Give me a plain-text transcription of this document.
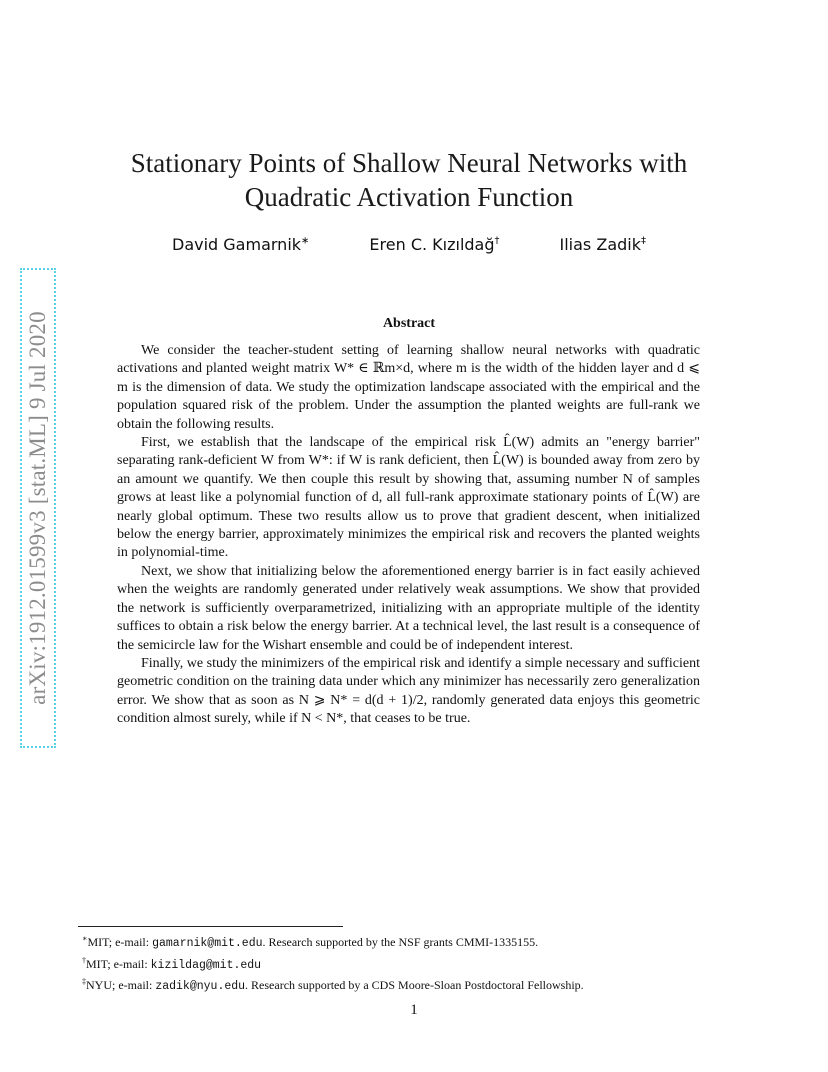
arXiv:1912.01599v3 [stat.ML] 9 Jul 2020
Stationary Points of Shallow Neural Networks with
Quadratic Activation Function
David Gamarnik∗	Eren C. Kızıldağ†	Ilias Zadik‡
Abstract

We consider the teacher-student setting of learning shallow neural networks with quadratic activations and planted weight matrix W* ∈ ℝm×d, where m is the width of the hidden layer and d ⩽ m is the dimension of data. We study the optimization landscape associated with the empirical and the population squared risk of the problem. Under the assumption the planted weights are full-rank we obtain the following results.

First, we establish that the landscape of the empirical risk L̂(W) admits an "energy barrier" separating rank-deficient W from W*: if W is rank deficient, then L̂(W) is bounded away from zero by an amount we quantify. We then couple this result by showing that, assuming number N of samples grows at least like a polynomial function of d, all full-rank approximate stationary points of L̂(W) are nearly global optimum. These two results allow us to prove that gradient descent, when initialized below the energy barrier, approximately minimizes the empirical risk and recovers the planted weights in polynomial-time.

Next, we show that initializing below the aforementioned energy barrier is in fact easily achieved when the weights are randomly generated under relatively weak assumptions. We show that provided the network is sufficiently overparametrized, initializing with an appropriate multiple of the identity suffices to obtain a risk below the energy barrier. At a technical level, the last result is a consequence of the semicircle law for the Wishart ensemble and could be of independent interest.

Finally, we study the minimizers of the empirical risk and identify a simple necessary and sufficient geometric condition on the training data under which any minimizer has necessarily zero generalization error. We show that as soon as N ⩾ N* = d(d + 1)/2, randomly generated data enjoys this geometric condition almost surely, while if N < N*, that ceases to be true.

∗MIT; e-mail: gamarnik@mit.edu. Research supported by the NSF grants CMMI-1335155.
†MIT; e-mail: kizildag@mit.edu
‡NYU; e-mail: zadik@nyu.edu. Research supported by a CDS Moore-Sloan Postdoctoral Fellowship.
1
